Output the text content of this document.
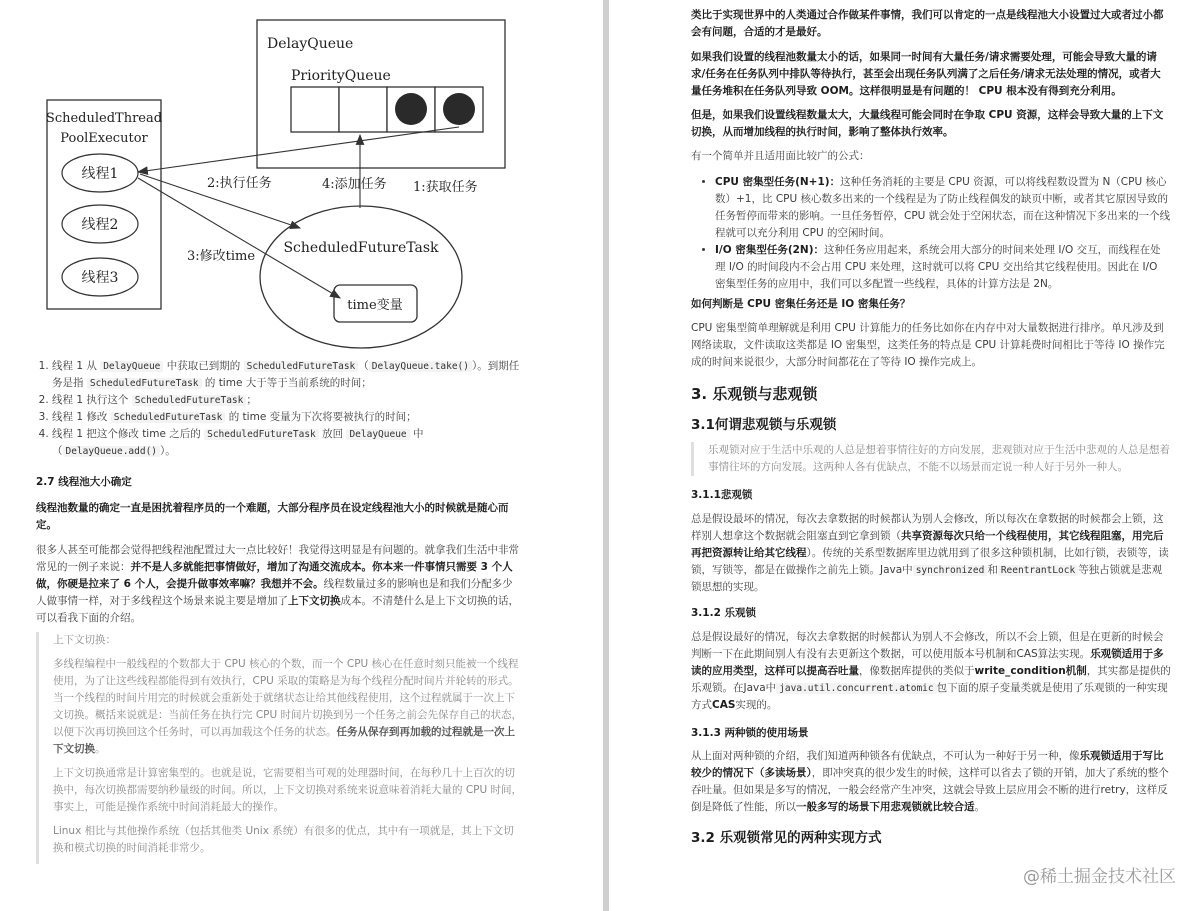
DelayQueue
PriorityQueue
ScheduledThread
PoolExecutor
线程1
线程2
线程3
ScheduledFutureTask
time变量
1:获取任务
2:执行任务
3:修改time
4:添加任务
1. 线程 1 从 DelayQueue 中获取已到期的 ScheduledFutureTask （ DelayQueue.take() ）。到期任务是指 ScheduledFutureTask 的 time 大于等于当前系统的时间；
2. 线程 1 执行这个 ScheduledFutureTask ；
3. 线程 1 修改 ScheduledFutureTask 的 time 变量为下次将要被执行的时间；
4. 线程 1 把这个修改 time 之后的 ScheduledFutureTask 放回 DelayQueue 中（ DelayQueue.add() ）。
2.7 线程池大小确定
线程池数量的确定一直是困扰着程序员的一个难题，大部分程序员在设定线程池大小的时候就是随心而定。
很多人甚至可能都会觉得把线程池配置过大一点比较好！我觉得这明显是有问题的。就拿我们生活中非常常见的一例子来说：并不是人多就能把事情做好，增加了沟通交流成本。你本来一件事情只需要 3 个人做，你硬是拉来了 6 个人，会提升做事效率嘛？我想并不会。线程数量过多的影响也是和我们分配多少人做事情一样，对于多线程这个场景来说主要是增加了上下文切换成本。不清楚什么是上下文切换的话，可以看我下面的介绍。

上下文切换：

多线程编程中一般线程的个数都大于 CPU 核心的个数，而一个 CPU 核心在任意时刻只能被一个线程使用，为了让这些线程都能得到有效执行，CPU 采取的策略是为每个线程分配时间片并轮转的形式。当一个线程的时间片用完的时候就会重新处于就绪状态让给其他线程使用，这个过程就属于一次上下文切换。概括来说就是：当前任务在执行完 CPU 时间片切换到另一个任务之前会先保存自己的状态，以便下次再切换回这个任务时，可以再加载这个任务的状态。任务从保存到再加载的过程就是一次上下文切换。

上下文切换通常是计算密集型的。也就是说，它需要相当可观的处理器时间，在每秒几十上百次的切换中，每次切换都需要纳秒量级的时间。所以，上下文切换对系统来说意味着消耗大量的 CPU 时间，事实上，可能是操作系统中时间消耗最大的操作。

Linux 相比与其他操作系统（包括其他类 Unix 系统）有很多的优点，其中有一项就是，其上下文切换和模式切换的时间消耗非常少。

类比于实现世界中的人类通过合作做某件事情，我们可以肯定的一点是线程池大小设置过大或者过小都会有问题，合适的才是最好。
如果我们设置的线程池数量太小的话，如果同一时间有大量任务/请求需要处理，可能会导致大量的请求/任务在任务队列中排队等待执行，甚至会出现任务队列满了之后任务/请求无法处理的情况，或者大量任务堆积在任务队列导致 OOM。这样很明显是有问题的！ CPU 根本没有得到充分利用。
但是，如果我们设置线程数量太大，大量线程可能会同时在争取 CPU 资源，这样会导致大量的上下文切换，从而增加线程的执行时间，影响了整体执行效率。
有一个简单并且适用面比较广的公式：
• CPU 密集型任务(N+1)：这种任务消耗的主要是 CPU 资源，可以将线程数设置为 N（CPU 核心数）+1，比 CPU 核心数多出来的一个线程是为了防止线程偶发的缺页中断，或者其它原因导致的任务暂停而带来的影响。一旦任务暂停，CPU 就会处于空闲状态，而在这种情况下多出来的一个线程就可以充分利用 CPU 的空闲时间。
• I/O 密集型任务(2N)：这种任务应用起来，系统会用大部分的时间来处理 I/O 交互，而线程在处理 I/O 的时间段内不会占用 CPU 来处理，这时就可以将 CPU 交出给其它线程使用。因此在 I/O 密集型任务的应用中，我们可以多配置一些线程，具体的计算方法是 2N。
如何判断是 CPU 密集任务还是 IO 密集任务？
CPU 密集型简单理解就是利用 CPU 计算能力的任务比如你在内存中对大量数据进行排序。单凡涉及到网络读取，文件读取这类都是 IO 密集型，这类任务的特点是 CPU 计算耗费时间相比于等待 IO 操作完成的时间来说很少，大部分时间都花在了等待 IO 操作完成上。
3. 乐观锁与悲观锁
3.1何谓悲观锁与乐观锁
乐观锁对应于生活中乐观的人总是想着事情往好的方向发展，悲观锁对应于生活中悲观的人总是想着事情往坏的方向发展。这两种人各有优缺点，不能不以场景而定说一种人好于另外一种人。
3.1.1悲观锁
总是假设最坏的情况，每次去拿数据的时候都认为别人会修改，所以每次在拿数据的时候都会上锁，这样别人想拿这个数据就会阻塞直到它拿到锁（共享资源每次只给一个线程使用，其它线程阻塞，用完后再把资源转让给其它线程）。传统的关系型数据库里边就用到了很多这种锁机制，比如行锁，表锁等，读锁，写锁等，都是在做操作之前先上锁。Java中 synchronized 和 ReentrantLock 等独占锁就是悲观锁思想的实现。
3.1.2 乐观锁
总是假设最好的情况，每次去拿数据的时候都认为别人不会修改，所以不会上锁，但是在更新的时候会判断一下在此期间别人有没有去更新这个数据，可以使用版本号机制和CAS算法实现。乐观锁适用于多读的应用类型，这样可以提高吞吐量，像数据库提供的类似于write_condition机制，其实都是提供的乐观锁。在Java中 java.util.concurrent.atomic 包下面的原子变量类就是使用了乐观锁的一种实现方式CAS实现的。
3.1.3 两种锁的使用场景
从上面对两种锁的介绍，我们知道两种锁各有优缺点，不可认为一种好于另一种，像乐观锁适用于写比较少的情况下（多读场景），即冲突真的很少发生的时候，这样可以省去了锁的开销，加大了系统的整个吞吐量。但如果是多写的情况，一般会经常产生冲突，这就会导致上层应用会不断的进行retry，这样反倒是降低了性能，所以一般多写的场景下用悲观锁就比较合适。
3.2 乐观锁常见的两种实现方式
@稀土掘金技术社区
